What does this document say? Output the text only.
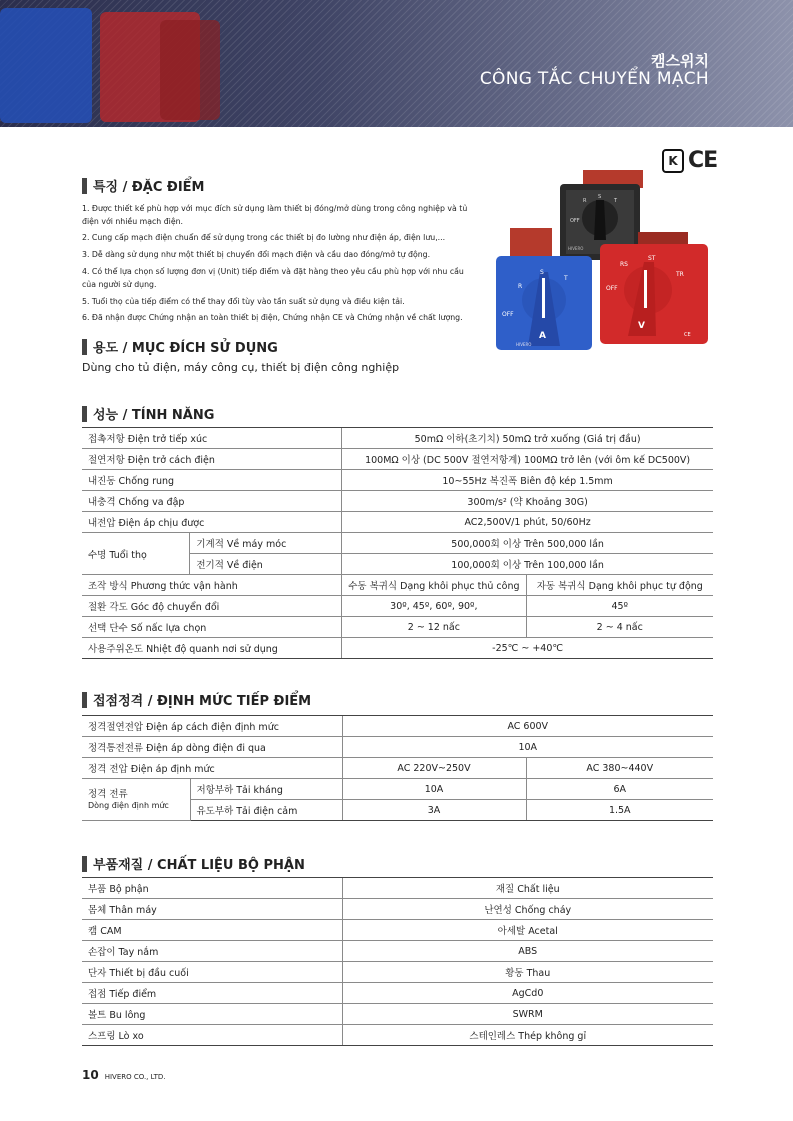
캠스위치
CÔNG TẮC CHUYỂN MẠCH
K CE
특징 / ĐẶC ĐIỂM
1. Được thiết kế phù hợp với mục đích sử dụng làm thiết bị đóng/mở dùng trong công nghiệp và tủ điện với nhiều mạch điện.
2. Cung cấp mạch điện chuẩn để sử dụng trong các thiết bị đo lường như điện áp, điện lưu,...
3. Dễ dàng sử dụng như một thiết bị chuyển đổi mạch điện và cầu dao đóng/mở tự động.
4. Có thể lựa chọn số lượng đơn vị (Unit) tiếp điểm và đặt hàng theo yêu cầu phù hợp với nhu cầu của người sử dụng.
5. Tuổi thọ của tiếp điểm có thể thay đổi tùy vào tần suất sử dụng và điều kiện tải.
6. Đã nhận được Chứng nhận an toàn thiết bị điện, Chứng nhận CE và Chứng nhận về chất lượng.
용도 / MỤC ĐÍCH SỬ DỤNG
Dùng cho tủ điện, máy công cụ, thiết bị điện công nghiệp
OFF
R
S
T
HIVERO
OFF
R
S
T
A
HIVERO
OFF
RS
ST
TR
V
CE
성능 / TÍNH NĂNG
접촉저항 Điện trở tiếp xúc		50mΩ 이하(초기치) 50mΩ trở xuống (Giá trị đầu)	
절연저항 Điện trở cách điện		100MΩ 이상 (DC 500V 절연저항계) 100MΩ trở lên (với ôm kế DC500V)	
내진동 Chống rung		10~55Hz 복진폭 Biên độ kép 1.5mm	
내충격 Chống va đập		300m/s² (약 Khoảng 30G)	
내전압 Điện áp chịu được		AC2,500V/1 phút, 50/60Hz	
수명 Tuổi thọ	기계적 Về máy móc	500,000회 이상 Trên 500,000 lần	
	전기적 Về điện	100,000회 이상 Trên 100,000 lần	
조작 방식 Phương thức vận hành		수동 복귀식 Dạng khôi phục thủ công	자동 복귀식 Dạng khôi phục tự động
절환 각도 Góc độ chuyển đổi		30º, 45º, 60º, 90º,	45º
선택 단수 Số nấc lựa chọn		2 ~ 12 nấc	2 ~ 4 nấc
사용주위온도 Nhiệt độ quanh nơi sử dụng		-25℃ ~ +40℃	
접점정격 / ĐỊNH MỨC TIẾP ĐIỂM
정격절연전압 Điện áp cách điện định mức		AC 600V	
정격통전전류 Điện áp dòng điện đi qua		10A	
정격 전압 Điện áp định mức		AC 220V~250V	AC 380~440V

정격 전류
Dòng điện định mức	저항부하 Tải kháng	10A	6A
	유도부하 Tải điện cảm	3A	1.5A
부품재질 / CHẤT LIỆU BỘ PHẬN
부품 Bộ phận	재질 Chất liệu
몸체 Thân máy	난연성 Chống cháy
캠 CAM	아세탈 Acetal
손잡이 Tay nắm	ABS
단자 Thiết bị đầu cuối	황동 Thau
접점 Tiếp điểm	AgCd0
볼트 Bu lông	SWRM
스프링 Lò xo	스테인레스 Thép không gỉ
10 HIVERO CO., LTD.
